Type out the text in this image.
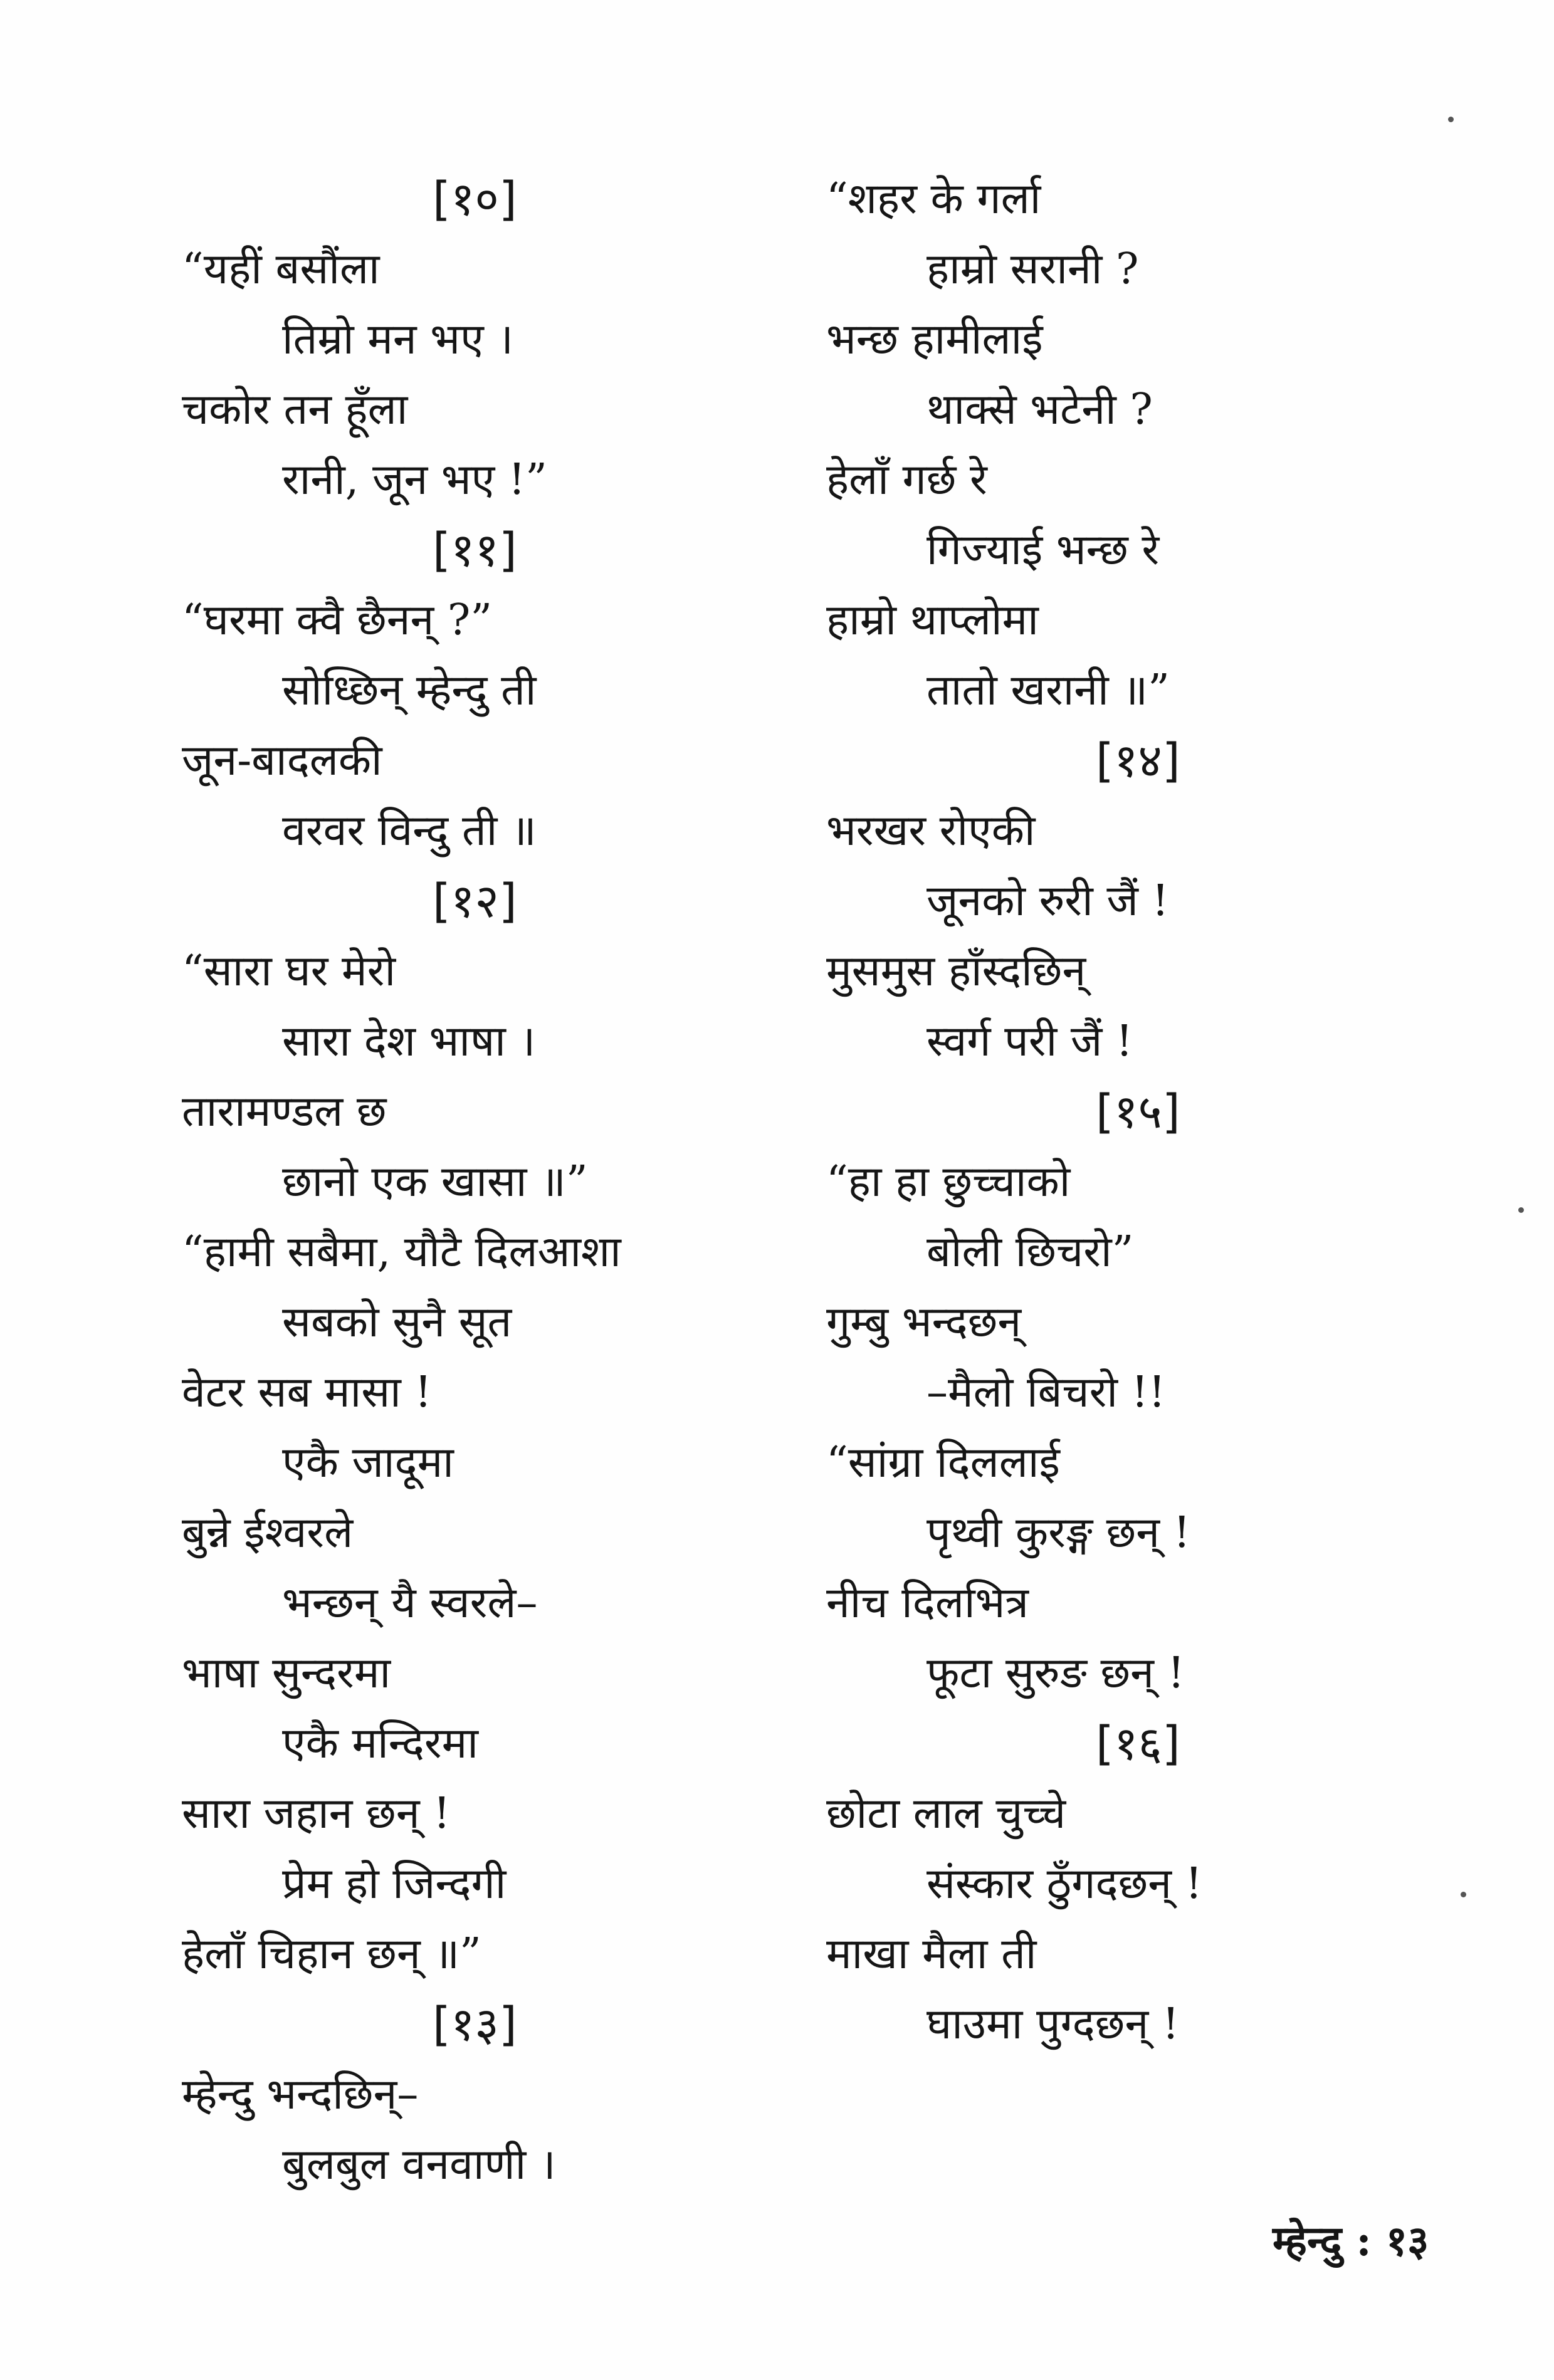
[१०]
“यहीं बसौंला
तिम्रो मन भए ।
चकोर तन हूँला
रानी, जून भए !”
[११]
“घरमा क्वै छैनन् ?”
सोध्छिन् म्हेन्दु ती
जून-बादलकी
वरवर विन्दु ती ॥
[१२]
“सारा घर मेरो
सारा देश भाषा ।
तारामण्डल छ
छानो एक खासा ॥”
“हामी सबैमा, यौटै दिलआशा
सबको सुनै सूत
वेटर सब मासा !
एकै जादूमा
बुन्ने ईश्वरले
भन्छन् यै स्वरले–
भाषा सुन्दरमा
एकै मन्दिरमा
सारा जहान छन् !
प्रेम हो जिन्दगी
हेलाँ चिहान छन् ॥”
[१३]
म्हेन्दु भन्दछिन्–
बुलबुल वनवाणी ।
“शहर के गर्ला
हाम्रो सरानी ?
भन्छ हामीलाई
थाक्से भटेनी ?
हेलाँ गर्छ रे
गिज्याई भन्छ रे
हाम्रो थाप्लोमा
तातो खरानी ॥”
[१४]
भरखर रोएकी
जूनको रुरी जैं !
मुसमुस हाँस्दछिन्
स्वर्ग परी जैं !
[१५]
“हा हा छुच्चाको
बोली छिचरो”
गुम्बु भन्दछन्
–मैलो बिचरो !!
“सांग्रा दिललाई
पृथ्वी कुरङ्ग छन् !
नीच दिलभित्र
फूटा सुरुङ छन् !
[१६]
छोटा लाल चुच्चे
संस्कार ठुँगदछन् !
माखा मैला ती
घाउमा पुग्दछन् !
म्हेन्दु : १३
